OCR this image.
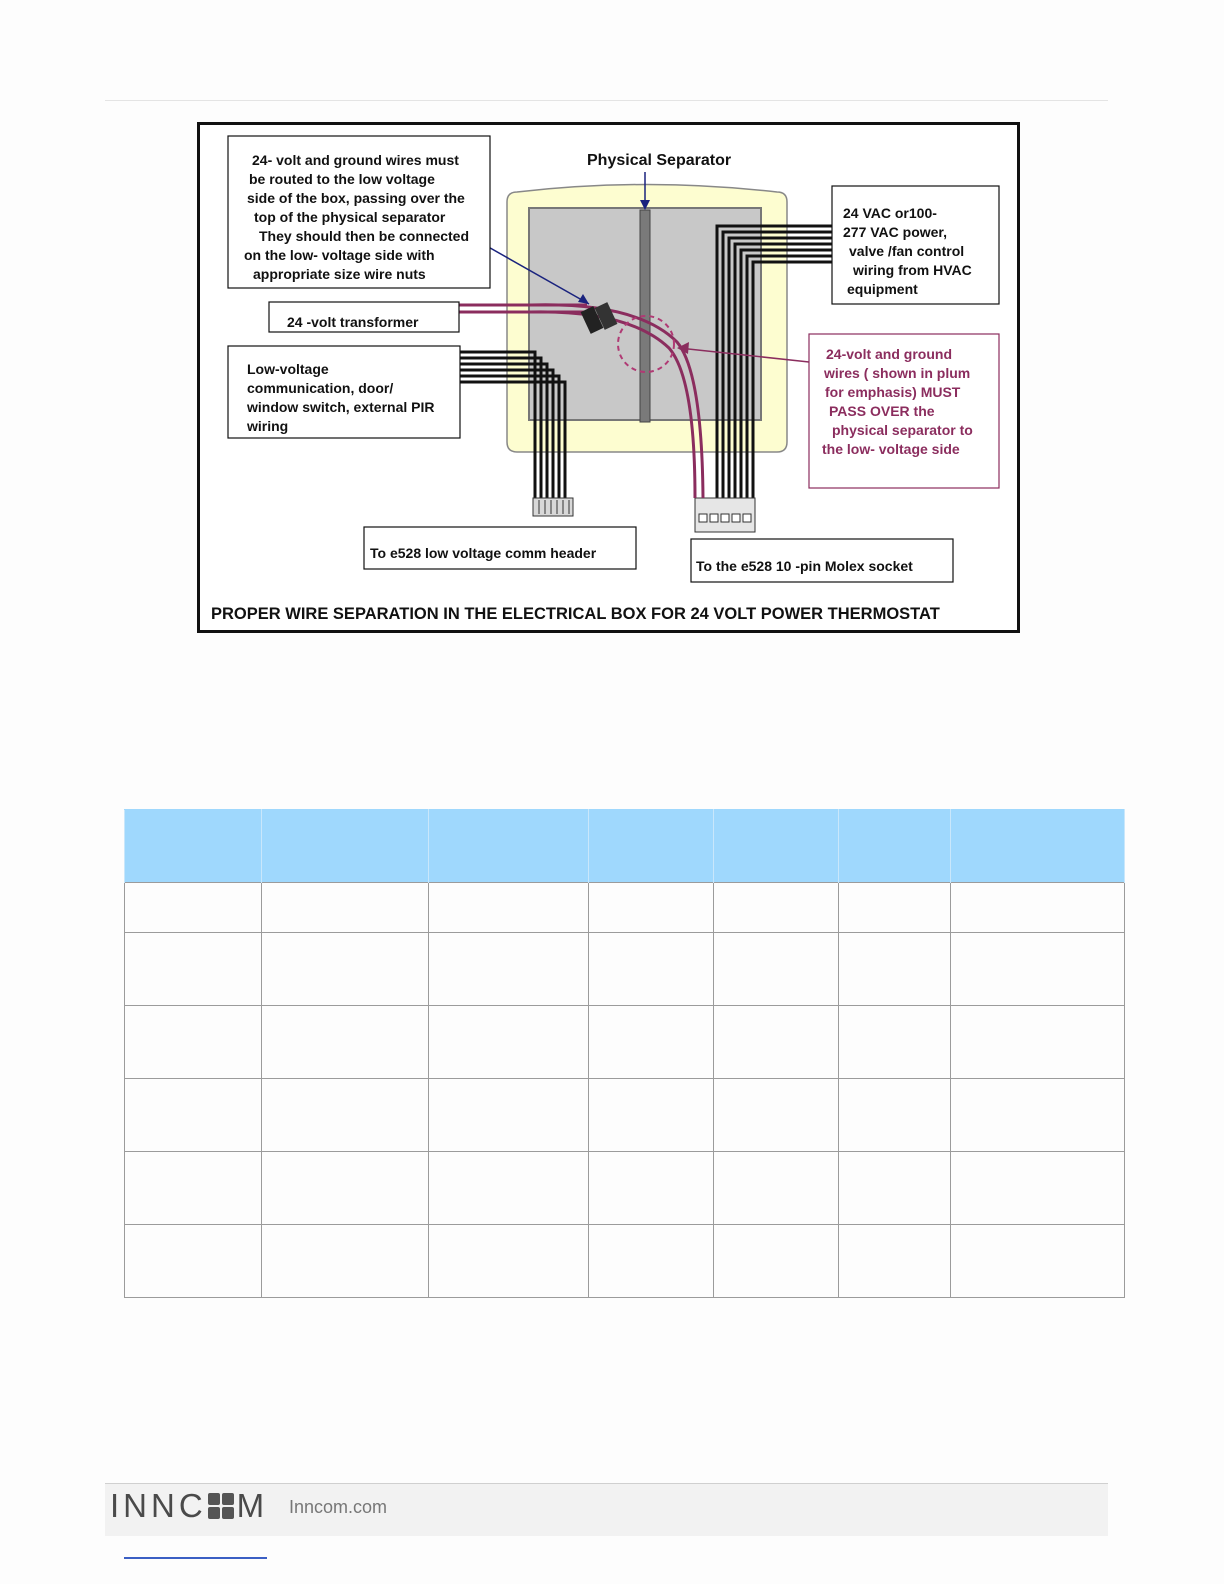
Physical Separator
24- volt and ground wires must
be routed to the low voltage
side of the box, passing over the
top of the physical separator
They should then be connected
on the low- voltage side with
appropriate size wire nuts
24 -volt transformer
Low-voltage
communication, door/
window switch, external PIR
wiring
24 VAC or100-
277 VAC power,
valve /fan control
wiring from HVAC
equipment
24-volt and ground
wires ( shown in plum
for emphasis) MUST
PASS OVER the
physical separator to
the low- voltage side
To e528 low voltage comm header
To the e528 10 -pin Molex socket
PROPER WIRE SEPARATION IN THE ELECTRICAL BOX FOR 24 VOLT POWER THERMOSTAT

INNC M Inncom.com
